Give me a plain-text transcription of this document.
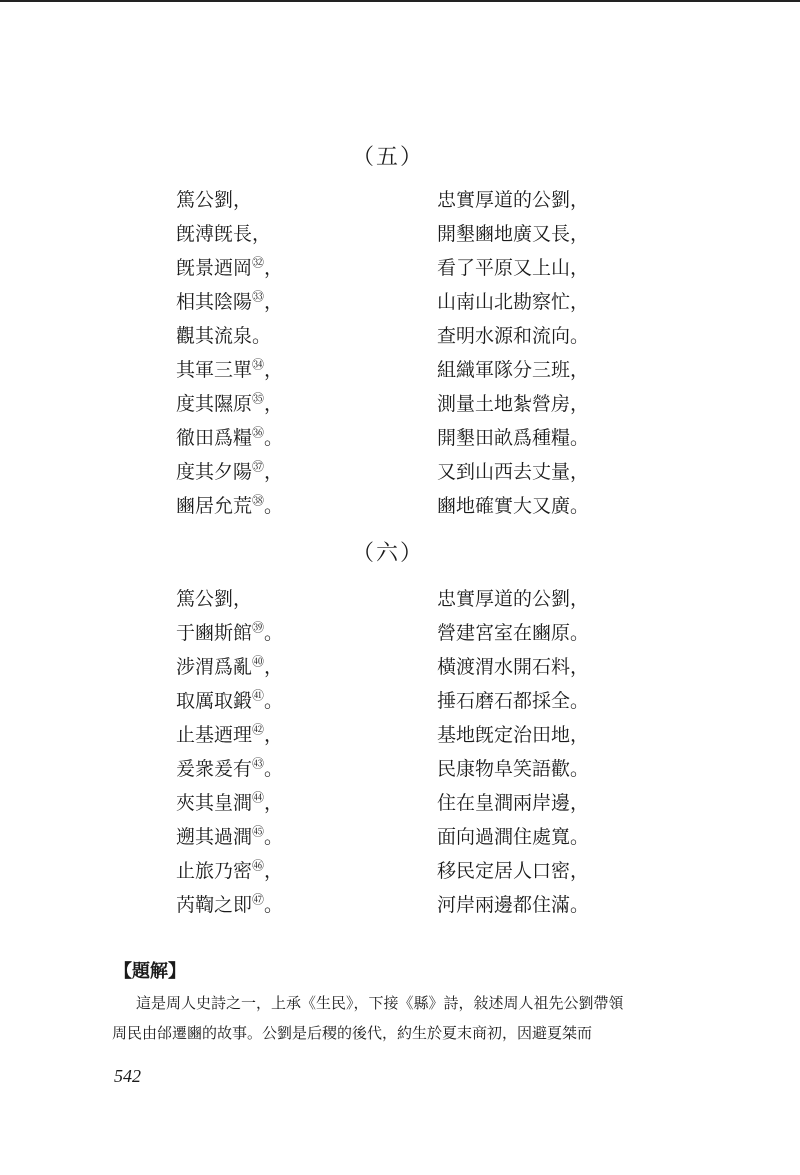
（五）
篤公劉，	忠實厚道的公劉，
旣溥旣長，	開墾豳地廣又長，
旣景迺岡$^㉜$，	看了平原又上山，
相其陰陽$^㉝$，	山南山北勘察忙，
觀其流泉。	查明水源和流向。
其軍三單$^㉞$，	組織軍隊分三班，
度其隰原$^㉟$，	測量土地紮營房，
徹田爲糧$^㊱$。	開墾田畝爲種糧。
度其夕陽$^㊲$，	又到山西去丈量，
豳居允荒$^㊳$。	豳地確實大又廣。
（六）
篤公劉，	忠實厚道的公劉，
于豳斯館$^㊴$。	營建宮室在豳原。
涉渭爲亂$^㊵$，	橫渡渭水開石料，
取厲取鍛$^㊶$。	捶石磨石都採全。
止基迺理$^㊷$，	基地旣定治田地，
爰衆爰有$^㊸$。	民康物阜笑語歡。
夾其皇澗$^㊹$，	住在皇澗兩岸邊，
遡其過澗$^㊺$。	面向過澗住處寬。
止旅乃密$^㊻$，	移民定居人口密，
芮鞫之即$^㊼$。	河岸兩邊都住滿。
【題解】
這是周人史詩之一，上承《生民》，下接《縣》詩，敍述周人祖先公劉帶領
周民由邰遷豳的故事。公劉是后稷的後代，約生於夏末商初，因避夏桀而
542
